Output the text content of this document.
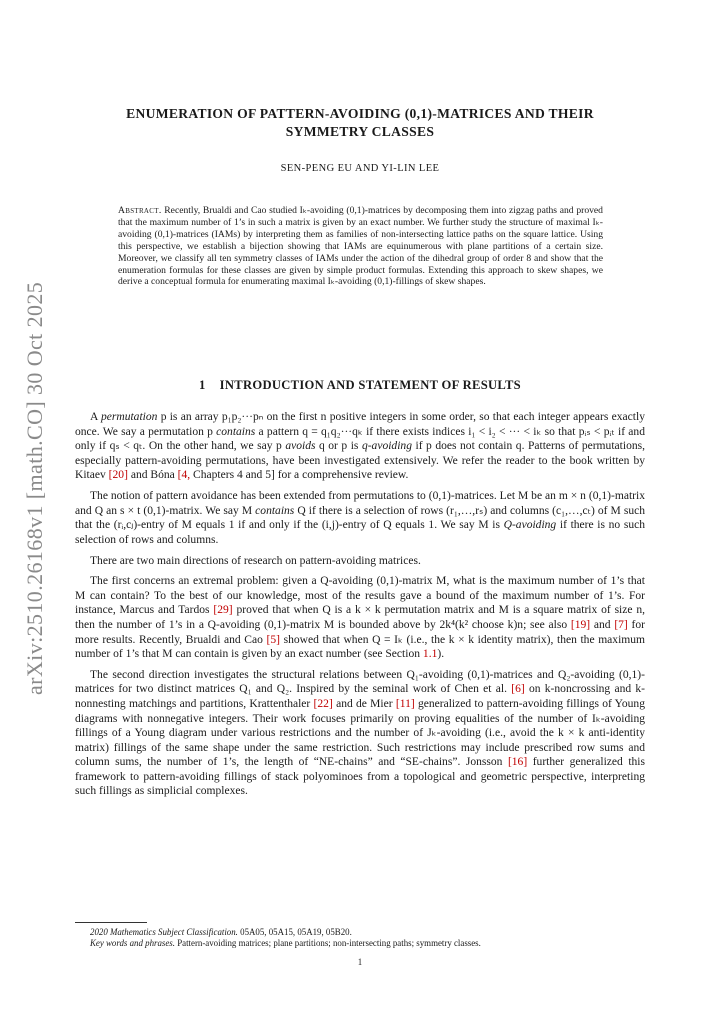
arXiv:2510.26168v1 [math.CO] 30 Oct 2025
ENUMERATION OF PATTERN-AVOIDING (0,1)-MATRICES AND THEIR
SYMMETRY CLASSES
SEN-PENG EU AND YI-LIN LEE
Abstract. Recently, Brualdi and Cao studied Iₖ-avoiding (0,1)-matrices by decomposing them into zigzag paths and proved that the maximum number of 1’s in such a matrix is given by an exact number. We further study the structure of maximal Iₖ-avoiding (0,1)-matrices (IAMs) by interpreting them as families of non-intersecting lattice paths on the square lattice. Using this perspective, we establish a bijection showing that IAMs are equinumerous with plane partitions of a certain size. Moreover, we classify all ten symmetry classes of IAMs under the action of the dihedral group of order 8 and show that the enumeration formulas for these classes are given by simple product formulas. Extending this approach to skew shapes, we derive a conceptual formula for enumerating maximal Iₖ-avoiding (0,1)-fillings of skew shapes.
1 INTRODUCTION AND STATEMENT OF RESULTS

A permutation p is an array p₁p₂···pₙ on the first n positive integers in some order, so that each integer appears exactly once. We say a permutation p contains a pattern q = q₁q₂···qₖ if there exists indices i₁ < i₂ < ··· < iₖ so that pᵢₛ < pᵢₜ if and only if qₛ < qₜ. On the other hand, we say p avoids q or p is q-avoiding if p does not contain q. Patterns of permutations, especially pattern-avoiding permutations, have been investigated extensively. We refer the reader to the book written by Kitaev [20] and Bóna [4, Chapters 4 and 5] for a comprehensive review.

The notion of pattern avoidance has been extended from permutations to (0,1)-matrices. Let M be an m × n (0,1)-matrix and Q an s × t (0,1)-matrix. We say M contains Q if there is a selection of rows (r₁,…,rₛ) and columns (c₁,…,cₜ) of M such that the (rᵢ,cⱼ)-entry of M equals 1 if and only if the (i,j)-entry of Q equals 1. We say M is Q-avoiding if there is no such selection of rows and columns.

There are two main directions of research on pattern-avoiding matrices.

The first concerns an extremal problem: given a Q-avoiding (0,1)-matrix M, what is the maximum number of 1’s that M can contain? To the best of our knowledge, most of the results gave a bound of the maximum number of 1’s. For instance, Marcus and Tardos [29] proved that when Q is a k × k permutation matrix and M is a square matrix of size n, then the number of 1’s in a Q-avoiding (0,1)-matrix M is bounded above by 2k⁴(k² choose k)n; see also [19] and [7] for more results. Recently, Brualdi and Cao [5] showed that when Q = Iₖ (i.e., the k × k identity matrix), then the maximum number of 1’s that M can contain is given by an exact number (see Section 1.1).

The second direction investigates the structural relations between Q₁-avoiding (0,1)-matrices and Q₂-avoiding (0,1)-matrices for two distinct matrices Q₁ and Q₂. Inspired by the seminal work of Chen et al. [6] on k-noncrossing and k-nonnesting matchings and partitions, Krattenthaler [22] and de Mier [11] generalized to pattern-avoiding fillings of Young diagrams with nonnegative integers. Their work focuses primarily on proving equalities of the number of Iₖ-avoiding fillings of a Young diagram under various restrictions and the number of Jₖ-avoiding (i.e., avoid the k × k anti-identity matrix) fillings of the same shape under the same restriction. Such restrictions may include prescribed row sums and column sums, the number of 1’s, the length of “NE-chains” and “SE-chains”. Jonsson [16] further generalized this framework to pattern-avoiding fillings of stack polyominoes from a topological and geometric perspective, interpreting such fillings as simplicial complexes.

2020 Mathematics Subject Classification. 05A05, 05A15, 05A19, 05B20.
Key words and phrases. Pattern-avoiding matrices; plane partitions; non-intersecting paths; symmetry classes.
1
